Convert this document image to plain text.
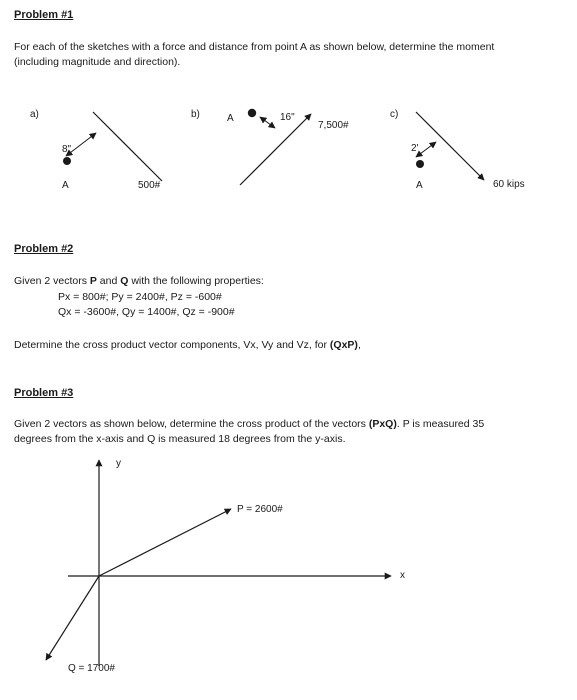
Problem #1
For each of the sketches with a force and distance from point A as shown below, determine the moment
(including magnitude and direction).
a)
8"
A	500#
b)	A	16"
7,500#
c)
2'
A	60 kips
y
x
P = 2600#
Q = 1700#
Problem #2
Given 2 vectors P and Q with the following properties:
Px = 800#; Py = 2400#, Pz = -600#
Qx = -3600#, Qy = 1400#, Qz = -900#
Determine the cross product vector components, Vx, Vy and Vz, for (QxP),
Problem #3
Given 2 vectors as shown below, determine the cross product of the vectors (PxQ). P is measured 35
degrees from the x-axis and Q is measured 18 degrees from the y-axis.
